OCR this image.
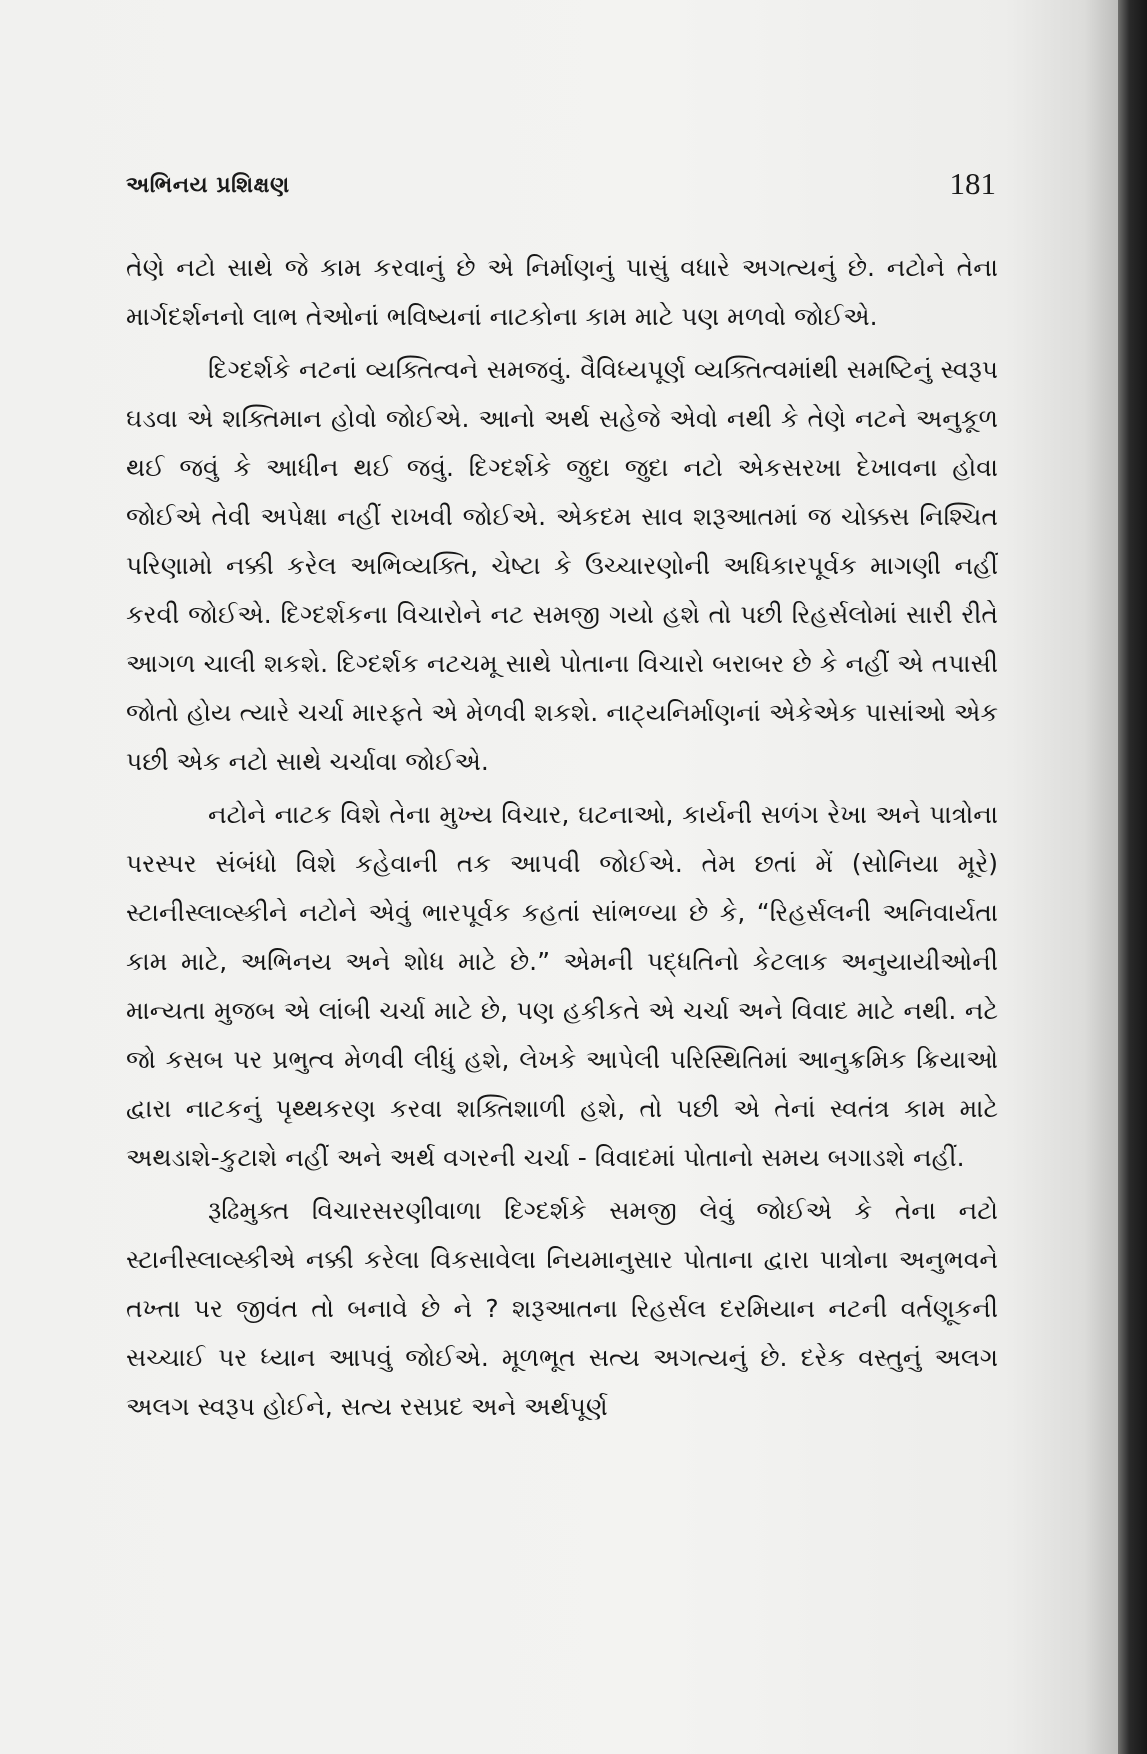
અભિનય પ્રશિક્ષણ	181

તેણે નટો સાથે જે કામ કરવાનું છે એ નિર્માણનું પાસું વધારે અગત્યનું છે. નટોને તેના માર્ગદર્શનનો લાભ તેઓનાં ભવિષ્યનાં નાટકોના કામ માટે પણ મળવો જોઈએ.

દિગ્દર્શકે નટનાં વ્યક્તિત્વને સમજવું. વૈવિધ્યપૂર્ણ વ્યક્તિત્વમાંથી સમષ્ટિનું સ્વરૂપ ઘડવા એ શક્તિમાન હોવો જોઈએ. આનો અર્થ સહેજે એવો નથી કે તેણે નટને અનુકૂળ થઈ જવું કે આધીન થઈ જવું. દિગ્દર્શકે જુદા જુદા નટો એકસરખા દેખાવના હોવા જોઈએ તેવી અપેક્ષા નહીં રાખવી જોઈએ. એકદમ સાવ શરૂઆતમાં જ ચોક્કસ નિશ્ચિત પરિણામો નક્કી કરેલ અભિવ્યક્તિ, ચેષ્ટા કે ઉચ્ચારણોની અધિકારપૂર્વક માગણી નહીં કરવી જોઈએ. દિગ્દર્શકના વિચારોને નટ સમજી ગયો હશે તો પછી રિહર્સલોમાં સારી રીતે આગળ ચાલી શકશે. દિગ્દર્શક નટચમૂ સાથે પોતાના વિચારો બરાબર છે કે નહીં એ તપાસી જોતો હોય ત્યારે ચર્ચા મારફતે એ મેળવી શકશે. નાટ્યનિર્માણનાં એકેએક પાસાંઓ એક પછી એક નટો સાથે ચર્ચાવા જોઈએ.

નટોને નાટક વિશે તેના મુખ્ય વિચાર, ઘટનાઓ, કાર્યની સળંગ રેખા અને પાત્રોના પરસ્પર સંબંધો વિશે કહેવાની તક આપવી જોઈએ. તેમ છતાં મેં (સોનિયા મૂરે) સ્ટાનીસ્લાવ્સ્કીને નટોને એવું ભારપૂર્વક કહતાં સાંભળ્યા છે કે, “રિહર્સલની અનિવાર્યતા કામ માટે, અભિનય અને શોધ માટે છે.” એમની પદ્ધતિનો કેટલાક અનુયાયીઓની માન્યતા મુજબ એ લાંબી ચર્ચા માટે છે, પણ હકીકતે એ ચર્ચા અને વિવાદ માટે નથી. નટે જો કસબ પર પ્રભુત્વ મેળવી લીધું હશે, લેખકે આપેલી પરિસ્થિતિમાં આનુક્રમિક ક્રિયાઓ દ્વારા નાટકનું પૃથ્થકરણ કરવા શક્તિશાળી હશે, તો પછી એ તેનાં સ્વતંત્ર કામ માટે અથડાશે-કુટાશે નહીં અને અર્થ વગરની ચર્ચા - વિવાદમાં પોતાનો સમય બગાડશે નહીં.

રૂઢિમુક્ત વિચારસરણીવાળા દિગ્દર્શકે સમજી લેવું જોઈએ કે તેના નટો સ્ટાનીસ્લાવ્સ્કીએ નક્કી કરેલા વિકસાવેલા નિયમાનુસાર પોતાના દ્વારા પાત્રોના અનુભવને તખ્તા પર જીવંત તો બનાવે છે ને ? શરૂઆતના રિહર્સલ દરમિયાન નટની વર્તણૂકની સચ્ચાઈ પર ધ્યાન આપવું જોઈએ. મૂળભૂત સત્ય અગત્યનું છે. દરેક વસ્તુનું અલગ અલગ સ્વરૂપ હોઈને, સત્ય રસપ્રદ અને અર્થપૂર્ણ
